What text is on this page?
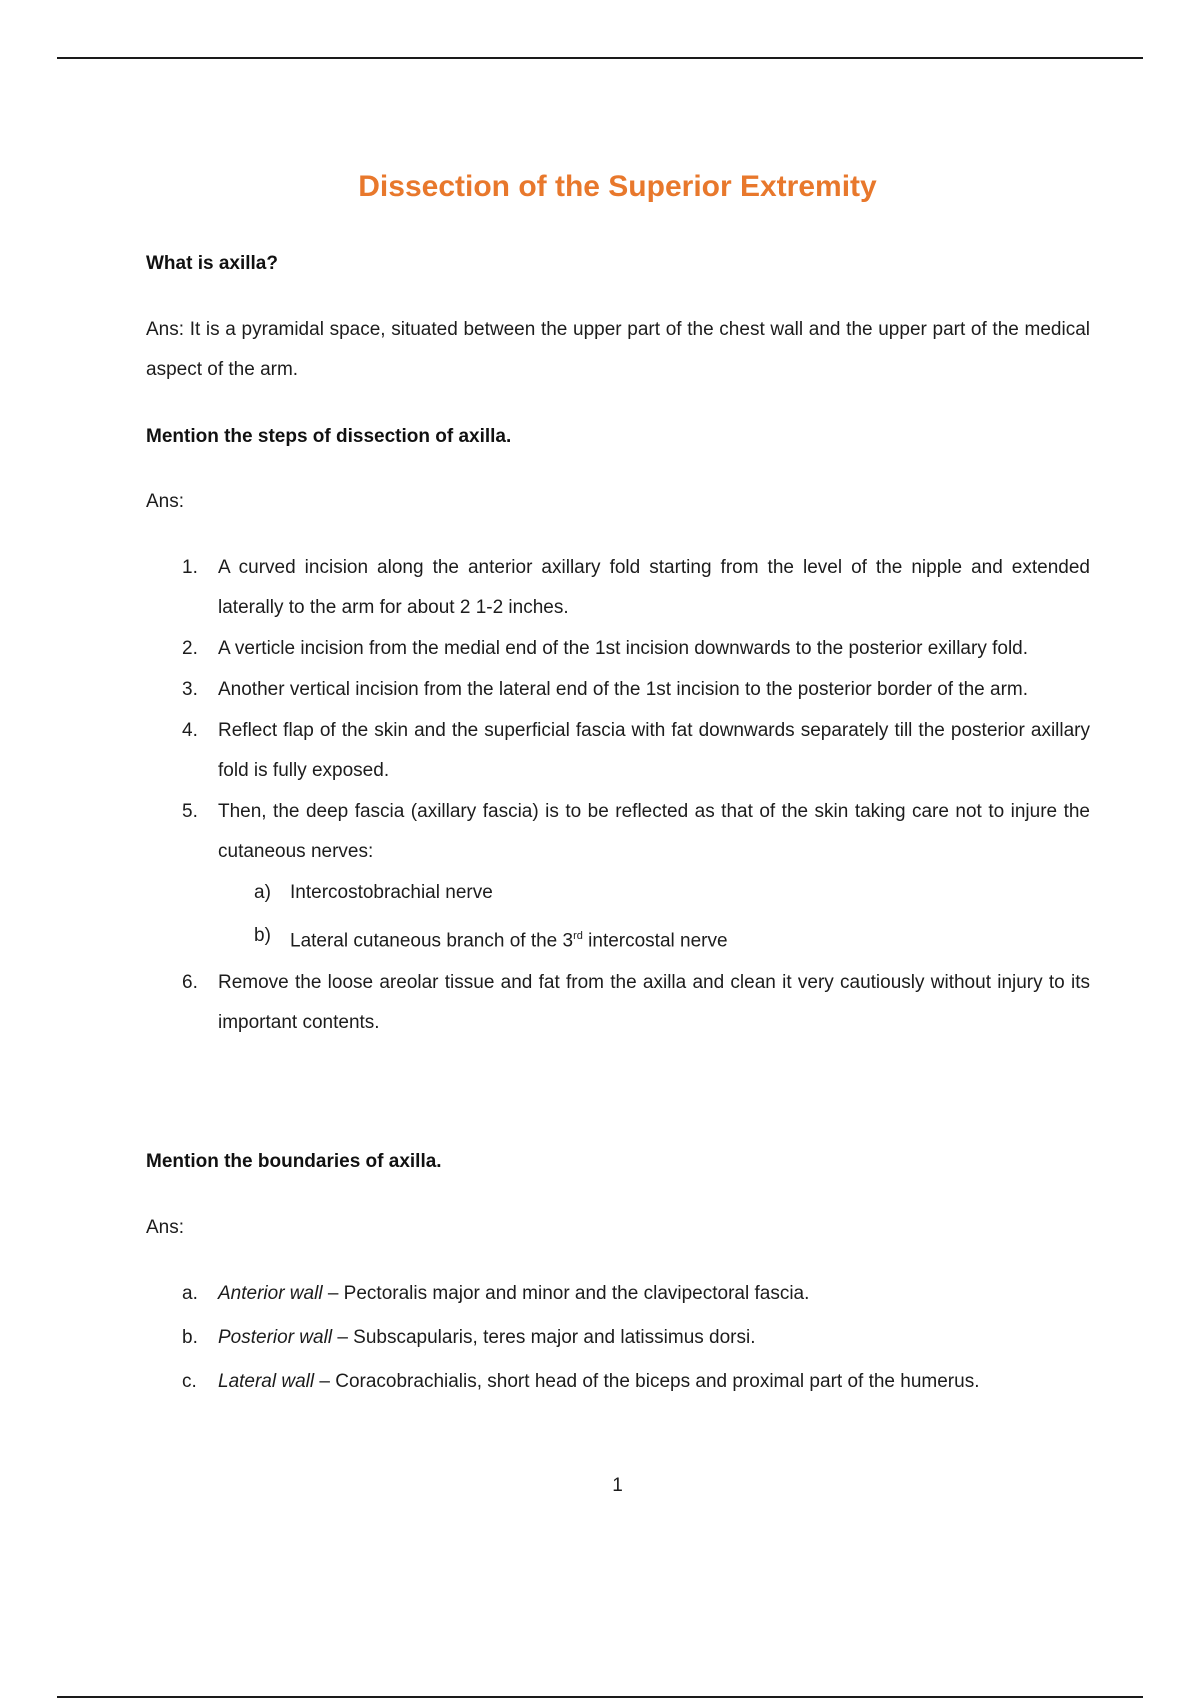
Dissection of the Superior Extremity
What is axilla?
Ans: It is a pyramidal space, situated between the upper part of the chest wall and the upper part of the medical aspect of the arm.
Mention the steps of dissection of axilla.
Ans:
1. A curved incision along the anterior axillary fold starting from the level of the nipple and extended laterally to the arm for about 2 1-2 inches.
2. A verticle incision from the medial end of the 1st incision downwards to the posterior exillary fold.
3. Another vertical incision from the lateral end of the 1st incision to the posterior border of the arm.
4. Reflect flap of the skin and the superficial fascia with fat downwards separately till the posterior axillary fold is fully exposed.
5. Then, the deep fascia (axillary fascia) is to be reflected as that of the skin taking care not to injure the cutaneous nerves:
a) Intercostobrachial nerve
b) Lateral cutaneous branch of the 3rd intercostal nerve
6. Remove the loose areolar tissue and fat from the axilla and clean it very cautiously without injury to its important contents.
Mention the boundaries of axilla.
Ans:
a. Anterior wall – Pectoralis major and minor and the clavipectoral fascia.
b. Posterior wall – Subscapularis, teres major and latissimus dorsi.
c. Lateral wall – Coracobrachialis, short head of the biceps and proximal part of the humerus.
1
